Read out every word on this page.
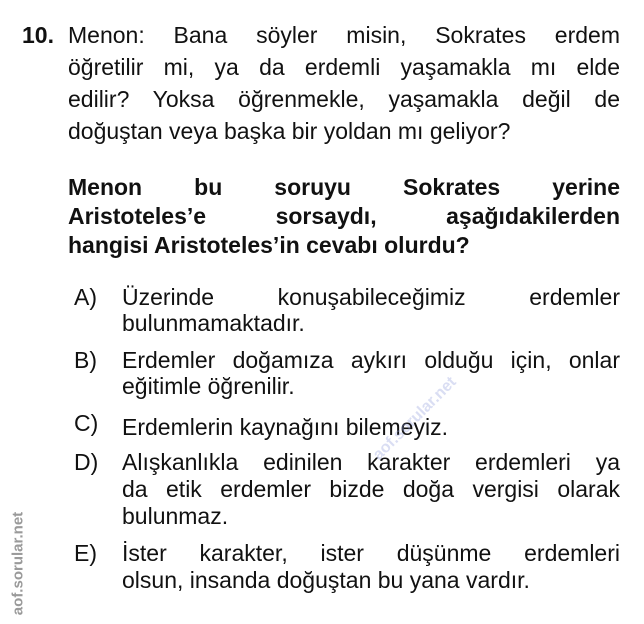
10. Menon: Bana söyler misin, Sokrates erdem
öğretilir mi, ya da erdemli yaşamakla mı elde
edilir? Yoksa öğrenmekle, yaşamakla değil de
doğuştan veya başka bir yoldan mı geliyor?
Menon bu soruyu Sokrates yerine
Aristoteles’e sorsaydı, aşağıdakilerden
hangisi Aristoteles’in cevabı olurdu?
A) Üzerinde konuşabileceğimiz erdemler
bulunmamaktadır.
B) Erdemler doğamıza aykırı olduğu için, onlar
eğitimle öğrenilir.
C) Erdemlerin kaynağını bilemeyiz.
D) Alışkanlıkla edinilen karakter erdemleri ya
da etik erdemler bizde doğa vergisi olarak
bulunmaz.
E) İster karakter, ister düşünme erdemleri
olsun, insanda doğuştan bu yana vardır.
aof.sorular.net
aof.sorular.net
